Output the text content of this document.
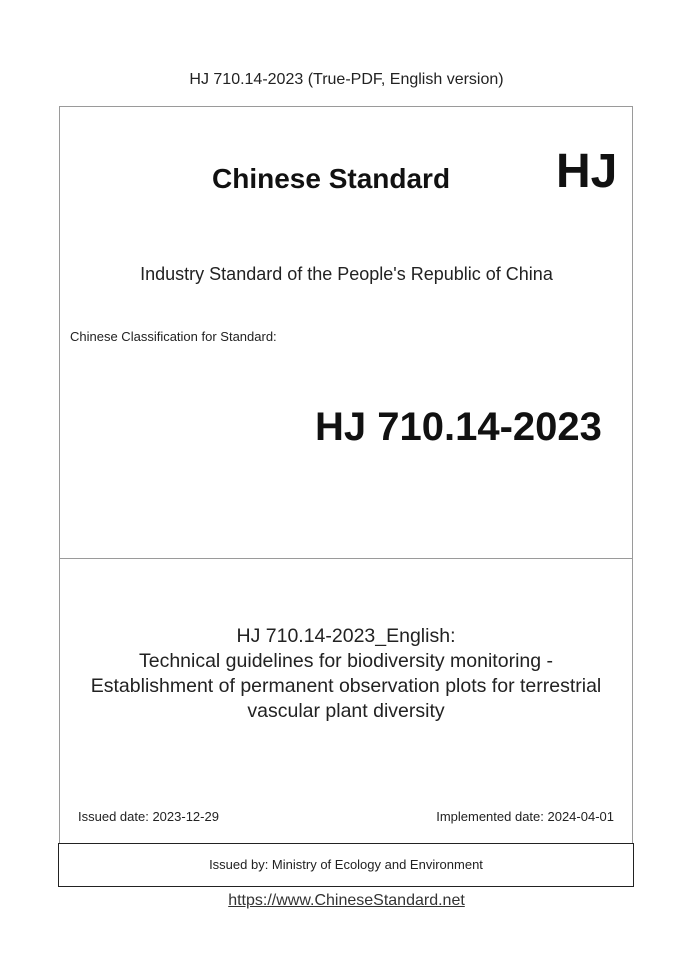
HJ 710.14-2023 (True-PDF, English version)
Chinese Standard HJ
Industry Standard of the People's Republic of China
Chinese Classification for Standard:
HJ 710.14-2023
HJ 710.14-2023_English:
Technical guidelines for biodiversity monitoring -
Establishment of permanent observation plots for terrestrial
vascular plant diversity
Issued date: 2023-12-29	Implemented date: 2024-04-01
Issued by: Ministry of Ecology and Environment
https://www.ChineseStandard.net
